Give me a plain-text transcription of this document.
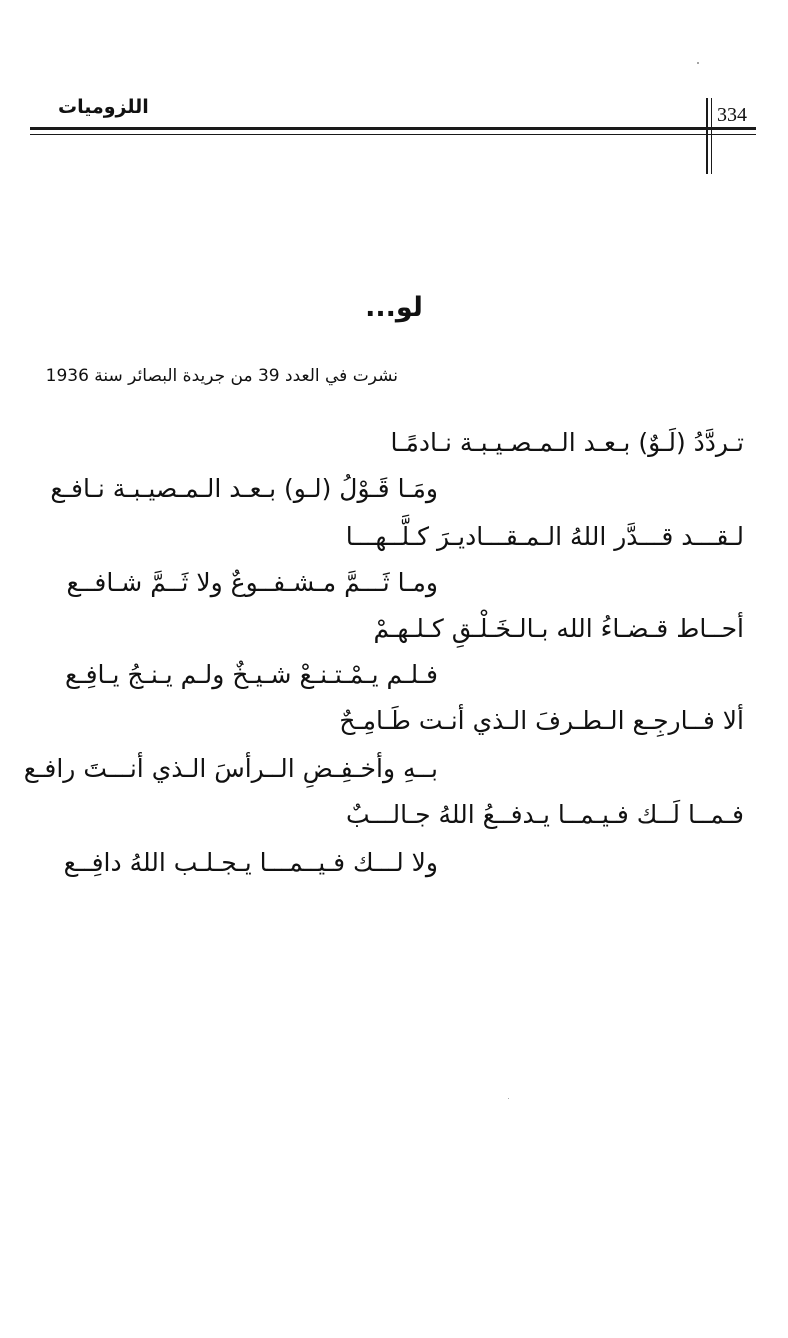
اللزوميات	334
لو...
نشرت في العدد 39 من جريدة البصائر سنة 1936
تـردَّدُ (لَـوٌ) بـعـد الـمـصـيـبـة نـادمًـا
ومَـا قَـوْلُ (لـو) بـعـد الـمـصيـبـة نـافـع
لـقـــد قـــدَّر اللهُ الـمـقـــاديـرَ كـلَّــهـــا
ومـا ثَـــمَّ مـشـفــوعٌ ولا ثَــمَّ شـافــع
أحــاط قـضـاءُ الله بـالـخَـلْـقِ كـلـهـمْ
فـلـم يـمْـتـنـعْ شـيـخٌ ولـم يـنـجُ يـافِـع
ألا فــارجِـع الـطـرفَ الـذي أنـت طَـامِـحٌ
بــهِ وأخـفِـضِ الــرأسَ الـذي أنـــتَ رافـع
فـمــا لَــك فـيـمــا يـدفــعُ اللهُ جـالـــبٌ
ولا لـــك فـيــمـــا يـجـلـب اللهُ دافِــع
